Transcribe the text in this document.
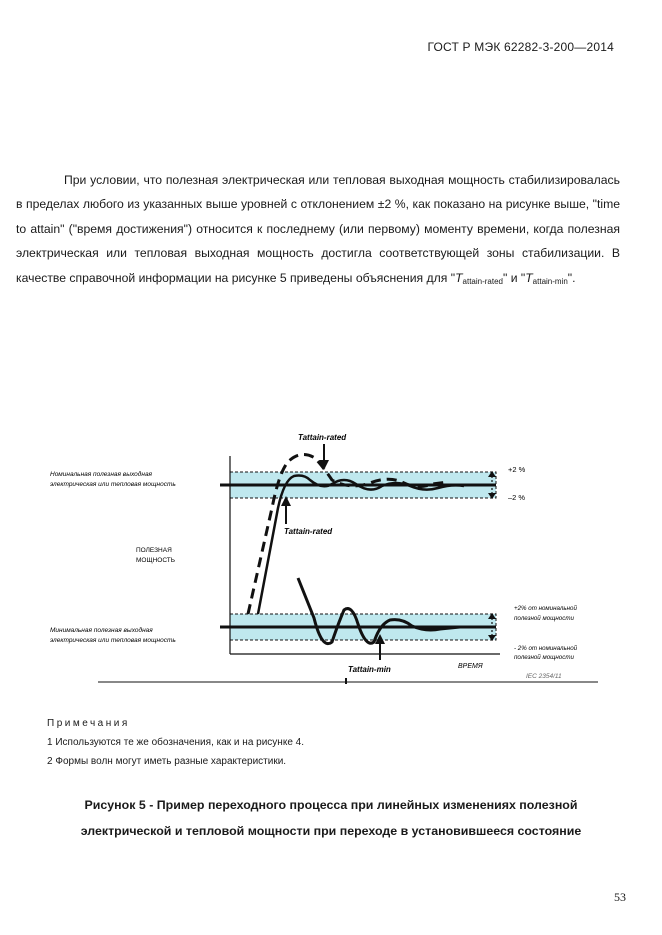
ГОСТ Р МЭК 62282-3-200—2014

При условии, что полезная электрическая или тепловая выходная мощность стабилизировалась в пределах любого из указанных выше уровней с отклонением ±2 %, как показано на рисунке выше, "time to attain" ("время достижения") относится к последнему (или первому) моменту времени, когда полезная электрическая или тепловая выходная мощность достигла соответствующей зоны стабилизации. В качестве справочной информации на рисунке 5 приведены объяснения для "$T_{attain-rated}$" и "$T_{attain-min}$".

Tattain-rated
Tattain-rated
Tattain-min
Номинальная полезная выходная
электрическая или тепловая мощность
ПОЛЕЗНАЯ
МОЩНОСТЬ
Минимальная полезная выходная
электрическая или тепловая мощность
+2 %
–2 %
+2% от номинальной
полезной мощности
- 2% от номинальной
полезной мощности
ВРЕМЯ
IEC 2354/11
Примечания
1 Используются те же обозначения, как и на рисунке 4.
2 Формы волн могут иметь разные характеристики.
Рисунок 5 - Пример переходного процесса при линейных изменениях полезной
электрической и тепловой мощности при переходе в установившееся состояние
53
